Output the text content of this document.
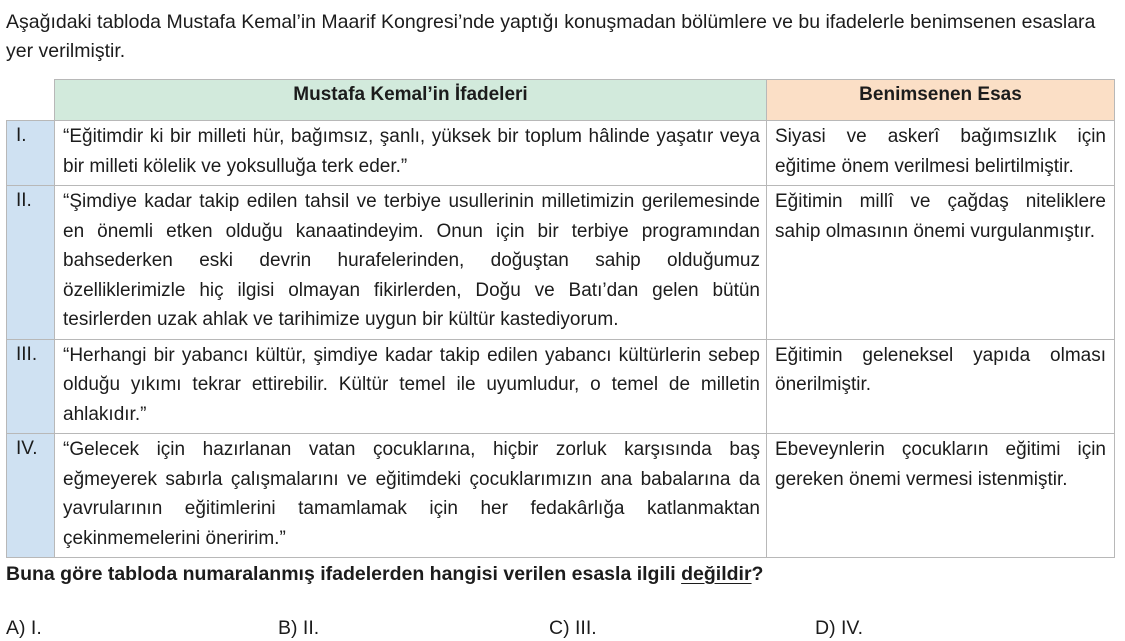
Aşağıdaki tabloda Mustafa Kemal’in Maarif Kongresi’nde yaptığı konuşmadan bölümlere ve bu ifadelerle benimsenen esaslara yer verilmiştir.

	Mustafa Kemal’in İfadeleri	Benimsenen Esas
I.	“Eğitimdir ki bir milleti hür, bağımsız, şanlı, yüksek bir toplum hâlinde yaşatır veya bir milleti kölelik ve yoksulluğa terk eder.”	Siyasi ve askerî bağımsızlık için eğitime önem verilmesi belirtilmiştir.
II.	“Şimdiye kadar takip edilen tahsil ve terbiye usullerinin milletimizin gerilemesinde en önemli etken olduğu kanaatindeyim. Onun için bir terbiye programından bahsederken eski devrin hurafelerinden, doğuştan sahip olduğumuz özelliklerimizle hiç ilgisi olmayan fikirlerden, Doğu ve Batı’dan gelen bütün tesirlerden uzak ahlak ve tarihimize uygun bir kültür kastediyorum.	Eğitimin millî ve çağdaş niteliklere sahip olmasının önemi vurgulanmıştır.
III.	“Herhangi bir yabancı kültür, şimdiye kadar takip edilen yabancı kültürlerin sebep olduğu yıkımı tekrar ettirebilir. Kültür temel ile uyumludur, o temel de milletin ahlakıdır.”	Eğitimin geleneksel yapıda olması önerilmiştir.
IV.	“Gelecek için hazırlanan vatan çocuklarına, hiçbir zorluk karşısında baş eğmeyerek sabırla çalışmalarını ve eğitimdeki çocuklarımızın ana babalarına da yavrularının eğitimlerini tamamlamak için her fedakârlığa katlanmaktan çekinmemelerini öneririm.”	Ebeveynlerin çocukların eğitimi için gereken önemi vermesi istenmiştir.

Buna göre tabloda numaralanmış ifadelerden hangisi verilen esasla ilgili değildir?

A) I.	B) II.	C) III.	D) IV.
